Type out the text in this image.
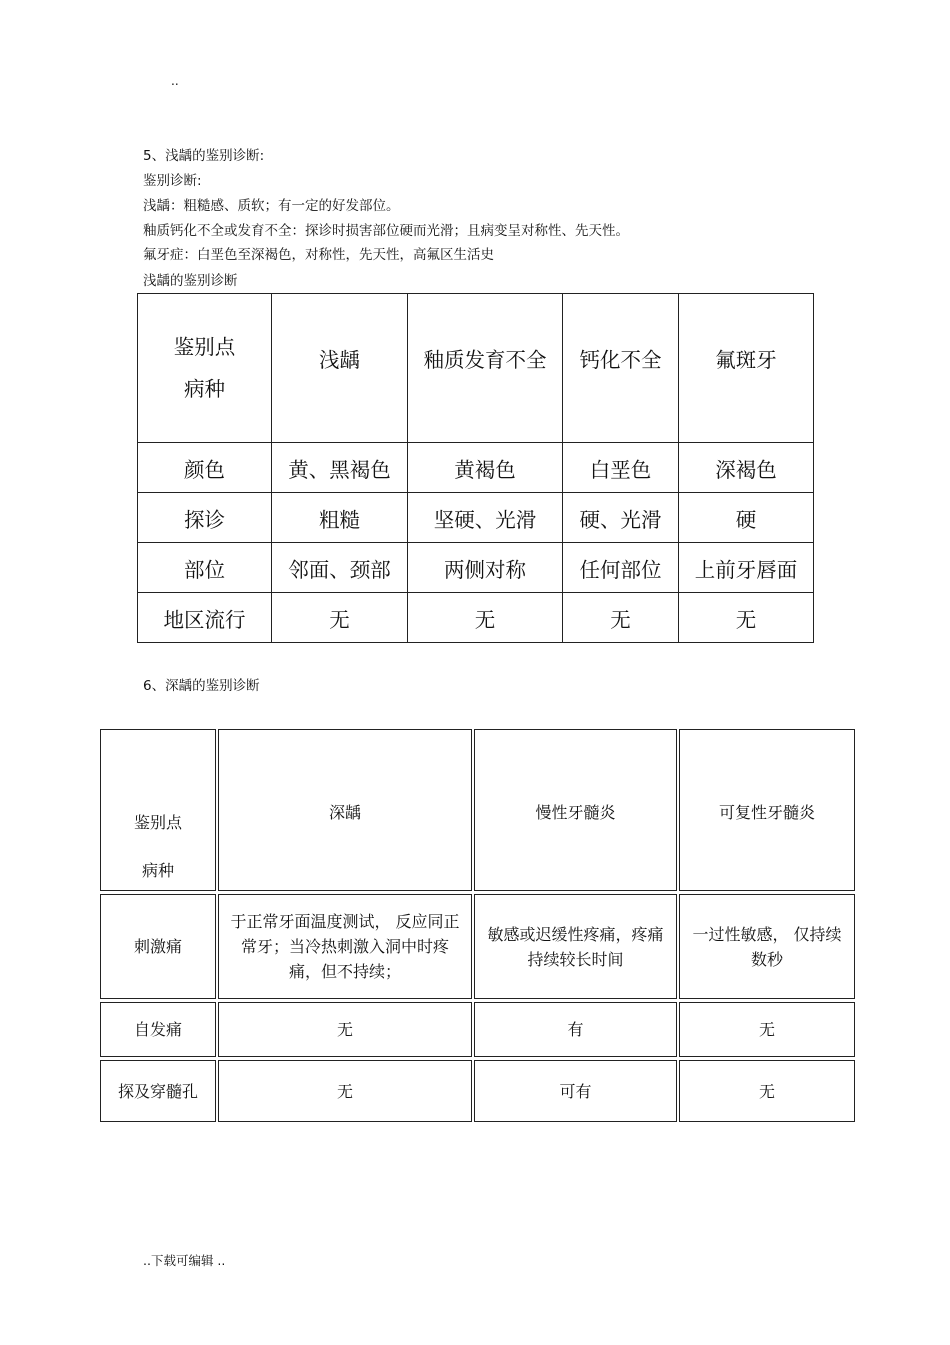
..
5、浅龋的鉴别诊断:
鉴别诊断:
浅龋：粗糙感、质软；有一定的好发部位。
釉质钙化不全或发育不全：探诊时损害部位硬而光滑；且病变呈对称性、先天性。
氟牙症：白垩色至深褐色，对称性，先天性，高氟区生活史
浅龋的鉴别诊断
鉴别点
病种	浅龋	釉质发育不全	钙化不全	氟斑牙

颜色	黄、黑褐色	黄褐色	白垩色	深褐色
探诊	粗糙	坚硬、光滑	硬、光滑	硬
部位	邻面、颈部	两侧对称	任何部位	上前牙唇面
地区流行	无	无	无	无
6、深龋的鉴别诊断
鉴别点
病种	深龋	慢性牙髓炎	可复性牙髓炎

刺激痛	于正常牙面温度测试， 反应同正常牙；当冷热刺激入洞中时疼痛，但不持续；	敏感或迟缓性疼痛，疼痛持续较长时间	一过性敏感， 仅持续数秒
自发痛	无	有	无
探及穿髓孔	无	可有	无
..下载可编辑 ..
